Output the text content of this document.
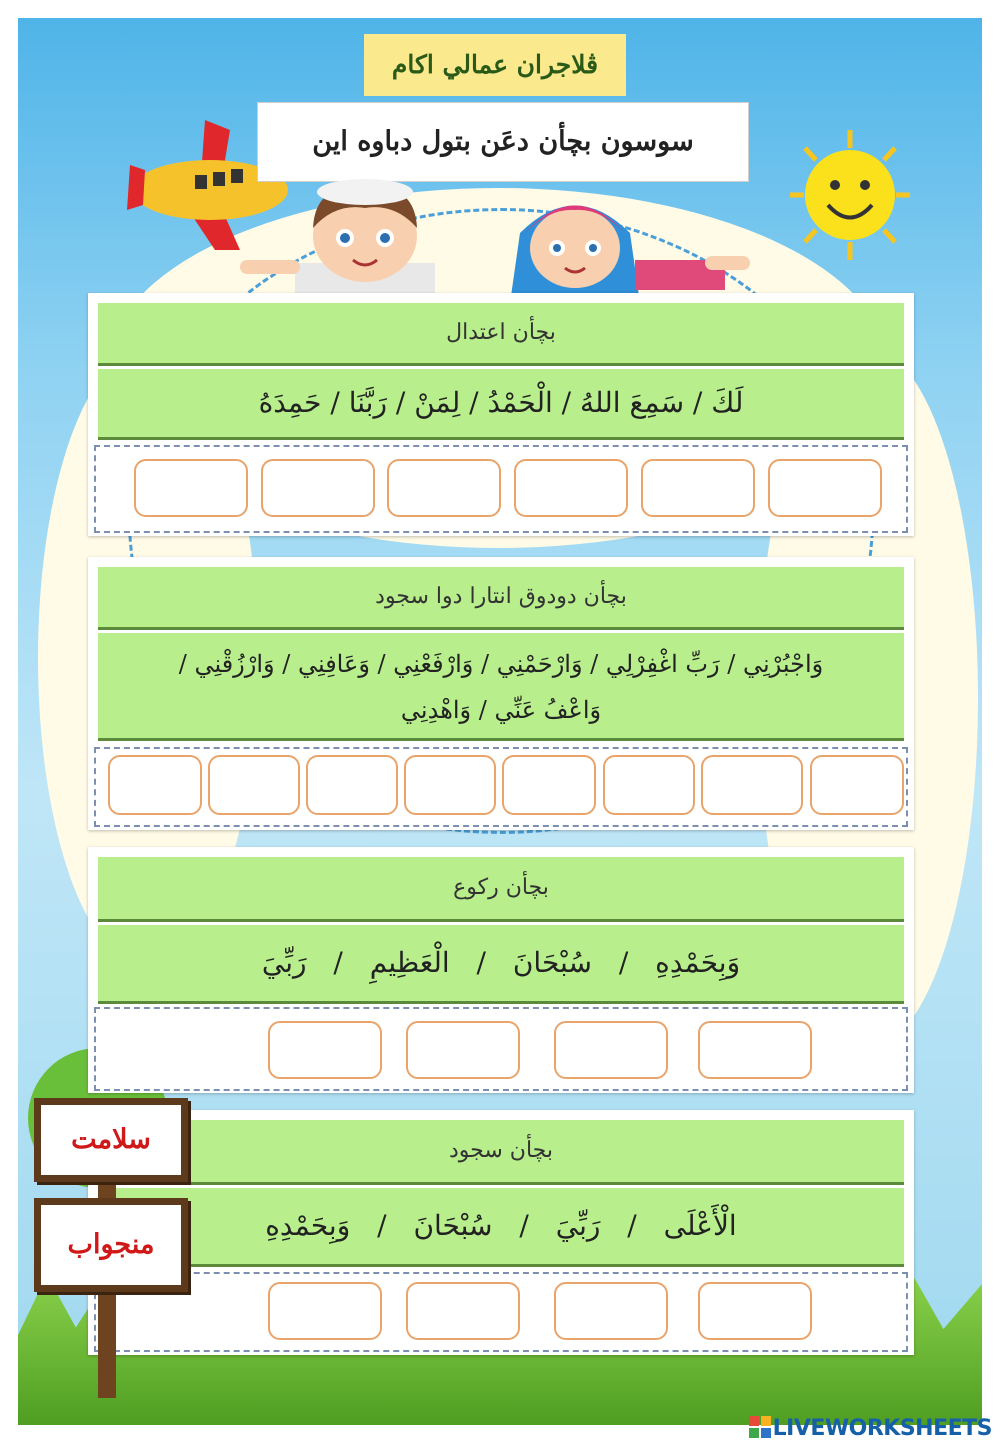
ڤلاجران عمالي اكام
سوسون بچأن دعَن بتول دباوه اين
بچأن اعتدال
لَكَ / سَمِعَ اللهُ / الْحَمْدُ / لِمَنْ / رَبَّنَا / حَمِدَهُ
بچأن دودوق انتارا دوا سجود
وَاجْبُرْنِي / رَبِّ اغْفِرْلِي / وَارْحَمْنِي / وَارْفَعْنِي / وَعَافِنِي / وَارْزُقْنِي /
وَاعْفُ عَنِّي / وَاهْدِنِي
بچأن رکوع
وَبِحَمْدِهِ / سُبْحَانَ / الْعَظِيمِ / رَبِّيَ
بچأن سجود
الْأَعْلَى / رَبِّيَ / سُبْحَانَ / وَبِحَمْدِهِ
سلامت
منجواب
LIVEWORKSHEETS
